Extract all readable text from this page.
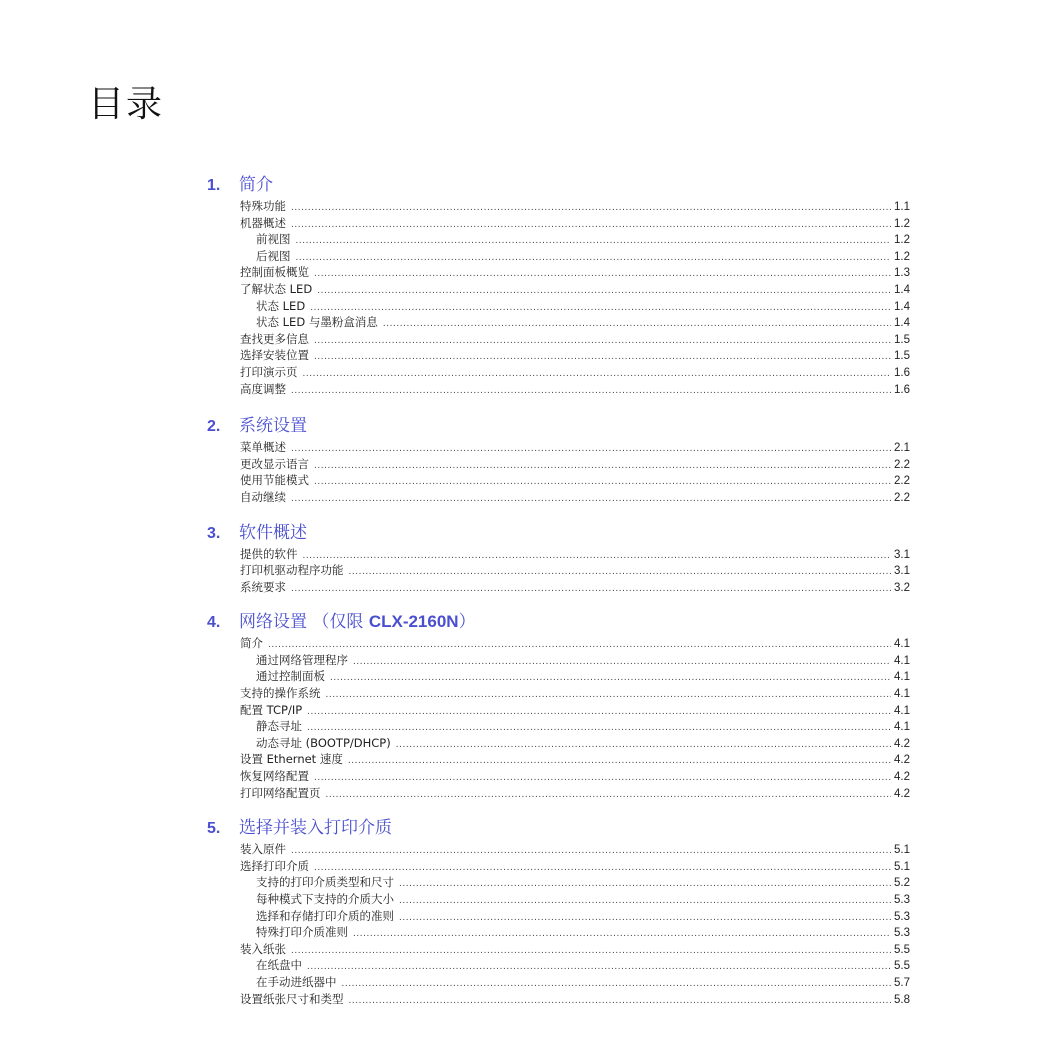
目录
1.	简介
特殊功能 .....	1.1
机器概述 .....	1.2
前视图 .....	1.2
后视图 .....	1.2
控制面板概览 .....	1.3
了解状态 LED .....	1.4
状态 LED .....	1.4
状态 LED 与墨粉盒消息 .....	1.4
查找更多信息 .....	1.5
选择安装位置 .....	1.5
打印演示页 .....	1.6
高度调整 .....	1.6
2.	系统设置
菜单概述 .....	2.1
更改显示语言 .....	2.2
使用节能模式 .....	2.2
自动继续 .....	2.2
3.	软件概述
提供的软件 .....	3.1
打印机驱动程序功能 .....	3.1
系统要求 .....	3.2
4.	网络设置 （仅限 CLX-2160N）
简介 .....	4.1
通过网络管理程序 .....	4.1
通过控制面板 .....	4.1
支持的操作系统 .....	4.1
配置 TCP/IP .....	4.1
静态寻址 .....	4.1
动态寻址 (BOOTP/DHCP) .....	4.2
设置 Ethernet 速度 .....	4.2
恢复网络配置 .....	4.2
打印网络配置页 .....	4.2
5.	选择并装入打印介质
装入原件 .....	5.1
选择打印介质 .....	5.1
支持的打印介质类型和尺寸 .....	5.2
每种模式下支持的介质大小 .....	5.3
选择和存储打印介质的准则 .....	5.3
特殊打印介质准则 .....	5.3
装入纸张 .....	5.5
在纸盘中 .....	5.5
在手动进纸器中 .....	5.7
设置纸张尺寸和类型 .....	5.8
